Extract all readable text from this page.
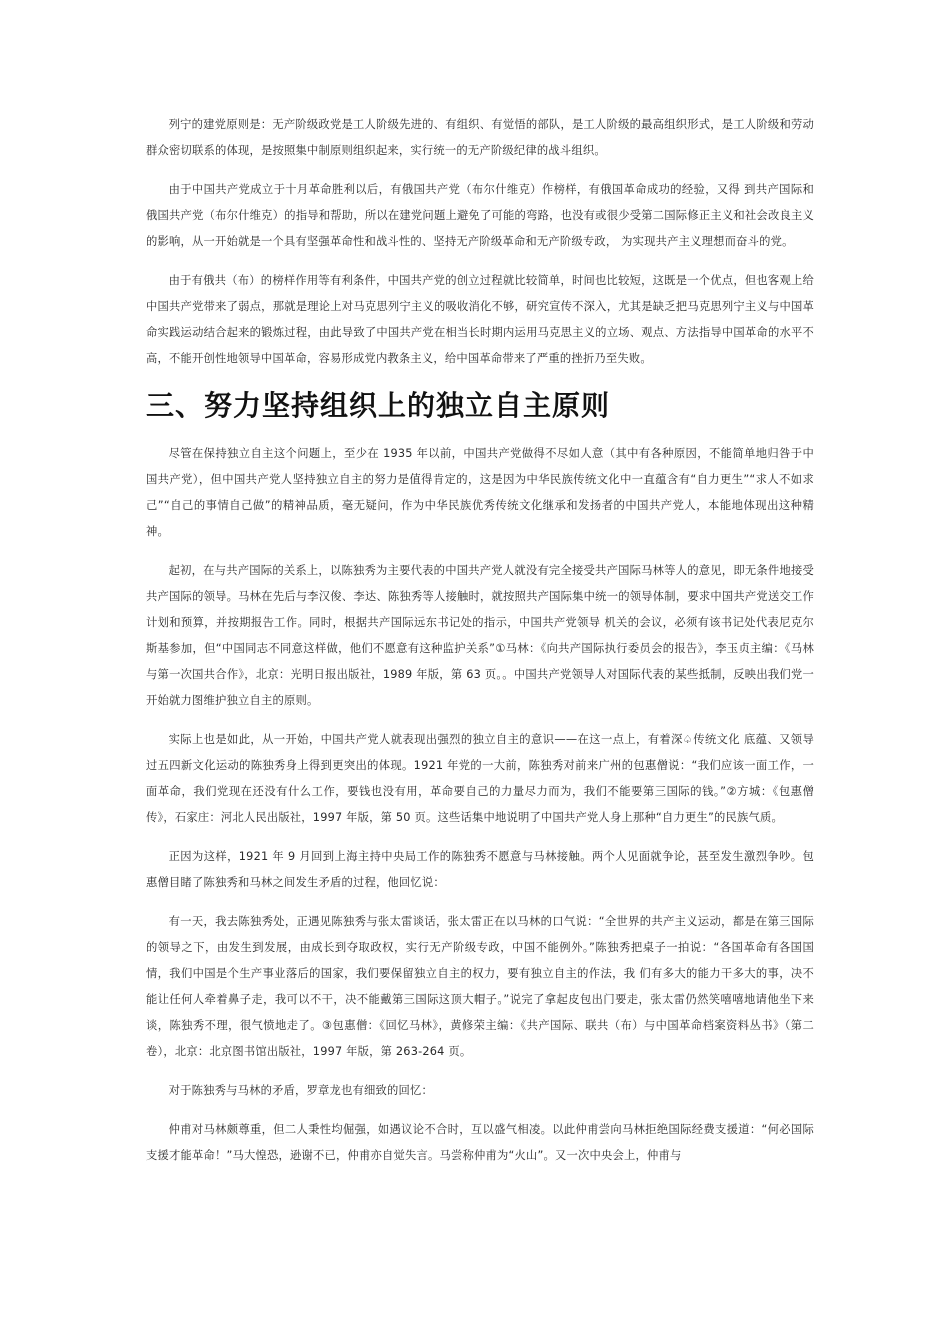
列宁的建党原则是：无产阶级政党是工人阶级先进的、有组织、有觉悟的部队，是工人阶级的最高组织形式，是工人阶级和劳动群众密切联系的体现，是按照集中制原则组织起来，实行统一的无产阶级纪律的战斗组织。

由于中国共产党成立于十月革命胜利以后，有俄国共产党（布尔什维克）作榜样，有俄国革命成功的经验，又得 到共产国际和俄国共产党（布尔什维克）的指导和帮助，所以在建党问题上避免了可能的弯路，也没有或很少受第二国际修正主义和社会改良主义的影响，从一开始就是一个具有坚强革命性和战斗性的、坚持无产阶级革命和无产阶级专政， 为实现共产主义理想而奋斗的党。

由于有俄共（布）的榜样作用等有利条件，中国共产党的创立过程就比较简单，时间也比较短，这既是一个优点，但也客观上给中国共产党带来了弱点，那就是理论上对马克思列宁主义的吸收消化不够，研究宣传不深入，尤其是缺乏把马克思列宁主义与中国革命实践运动结合起来的锻炼过程，由此导致了中国共产党在相当长时期内运用马克思主义的立场、观点、方法指导中国革命的水平不高，不能开创性地领导中国革命，容易形成党内教条主义，给中国革命带来了严重的挫折乃至失败。

三、努力坚持组织上的独立自主原则

尽管在保持独立自主这个问题上，至少在 1935 年以前，中国共产党做得不尽如人意（其中有各种原因，不能简单地归咎于中国共产党），但中国共产党人坚持独立自主的努力是值得肯定的，这是因为中华民族传统文化中一直蕴含有“自力更生”“求人不如求己”“自己的事情自己做”的精神品质，毫无疑问，作为中华民族优秀传统文化继承和发扬者的中国共产党人，本能地体现出这种精神。

起初，在与共产国际的关系上，以陈独秀为主要代表的中国共产党人就没有完全接受共产国际马林等人的意见，即无条件地接受共产国际的领导。马林在先后与李汉俊、李达、陈独秀等人接触时，就按照共产国际集中统一的领导体制，要求中国共产党送交工作计划和预算，并按期报告工作。同时，根据共产国际远东书记处的指示，中国共产党领导 机关的会议，必须有该书记处代表尼克尔斯基参加，但“中国同志不同意这样做，他们不愿意有这种监护关系”①马林：《向共产国际执行委员会的报告》，李玉贞主编：《马林与第一次国共合作》，北京：光明日报出版社，1989 年版，第 63 页。。中国共产党领导人对国际代表的某些抵制，反映出我们党一开始就力图维护独立自主的原则。

实际上也是如此，从一开始，中国共产党人就表现出强烈的独立自主的意识——在这一点上，有着深♤传统文化 底蕴、又领导过五四新文化运动的陈独秀身上得到更突出的体现。1921 年党的一大前，陈独秀对前来广州的包惠僧说：“我们应该一面工作，一面革命，我们党现在还没有什么工作，要钱也没有用，革命要自己的力量尽力而为，我们不能要第三国际的钱。”②方城：《包惠僧传》，石家庄：河北人民出版社，1997 年版，第 50 页。这些话集中地说明了中国共产党人身上那种“自力更生”的民族气质。

正因为这样，1921 年 9 月回到上海主持中央局工作的陈独秀不愿意与马林接触。两个人见面就争论，甚至发生激烈争吵。包惠僧目睹了陈独秀和马林之间发生矛盾的过程，他回忆说：

有一天，我去陈独秀处，正遇见陈独秀与张太雷谈话，张太雷正在以马林的口气说：“全世界的共产主义运动，都是在第三国际的领导之下，由发生到发展，由成长到夺取政权，实行无产阶级专政，中国不能例外。”陈独秀把桌子一拍说：“各国革命有各国国情，我们中国是个生产事业落后的国家，我们要保留独立自主的权力，要有独立自主的作法，我 们有多大的能力干多大的事，决不能让任何人牵着鼻子走，我可以不干，决不能戴第三国际这顶大帽子。”说完了拿起皮包出门要走，张太雷仍然笑嘻嘻地请他坐下来谈，陈独秀不理，很气愤地走了。③包惠僧：《回忆马林》，黄修荣主编：《共产国际、联共（布）与中国革命档案资料丛书》（第二卷），北京：北京图书馆出版社，1997 年版，第 263-264 页。

对于陈独秀与马林的矛盾，罗章龙也有细致的回忆：

仲甫对马林颇尊重，但二人秉性均倔强，如遇议论不合时，互以盛气相凌。以此仲甫尝向马林拒绝国际经费支援道：“何必国际支援才能革命！”马大惶恐，逊谢不已，仲甫亦自觉失言。马尝称仲甫为“火山”。又一次中央会上，仲甫与
